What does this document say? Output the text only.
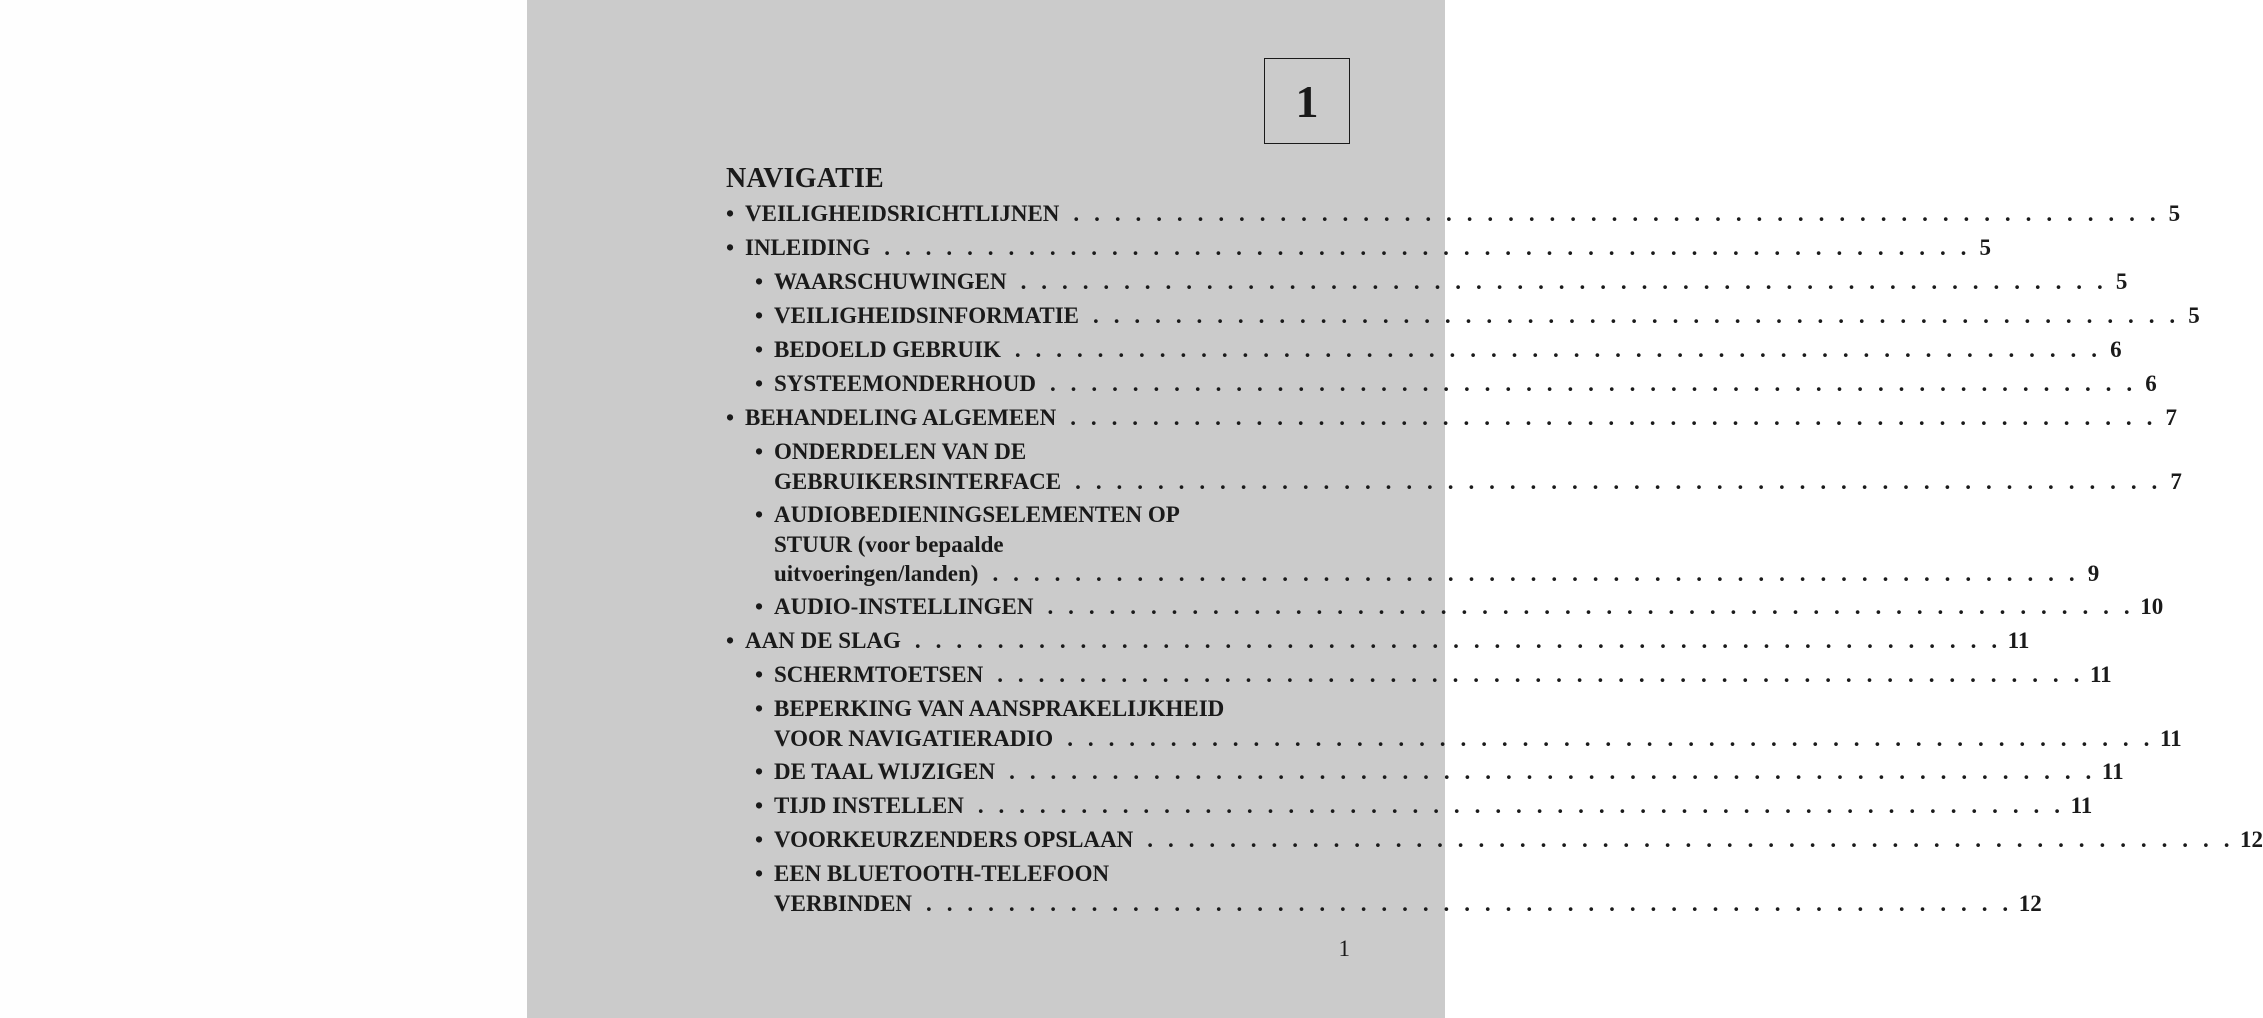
1
NAVIGATIE
• VEILIGHEIDSRICHTLIJNEN . . . . . . . . . . . . . . . . . . . . . . . . . . . . . . . . . . . . . . . . . . . . . . . . . . . . . 5
• INLEIDING . . . . . . . . . . . . . . . . . . . . . . . . . . . . . . . . . . . . . . . . . . . . . . . . . . . . . 5
• WAARSCHUWINGEN . . . . . . . . . . . . . . . . . . . . . . . . . . . . . . . . . . . . . . . . . . . . . . . . . . . . . 5
• VEILIGHEIDSINFORMATIE . . . . . . . . . . . . . . . . . . . . . . . . . . . . . . . . . . . . . . . . . . . . . . . . . . . . . 5
• BEDOELD GEBRUIK . . . . . . . . . . . . . . . . . . . . . . . . . . . . . . . . . . . . . . . . . . . . . . . . . . . . . 6
• SYSTEEMONDERHOUD . . . . . . . . . . . . . . . . . . . . . . . . . . . . . . . . . . . . . . . . . . . . . . . . . . . . . 6
• BEHANDELING ALGEMEEN . . . . . . . . . . . . . . . . . . . . . . . . . . . . . . . . . . . . . . . . . . . . . . . . . . . . . 7
• ONDERDELEN VAN DE
GEBRUIKERSINTERFACE . . . . . . . . . . . . . . . . . . . . . . . . . . . . . . . . . . . . . . . . . . . . . . . . . . . . . 7
• AUDIOBEDIENINGSELEMENTEN OP
STUUR (voor bepaalde
uitvoeringen/landen) . . . . . . . . . . . . . . . . . . . . . . . . . . . . . . . . . . . . . . . . . . . . . . . . . . . . . 9
• AUDIO-INSTELLINGEN . . . . . . . . . . . . . . . . . . . . . . . . . . . . . . . . . . . . . . . . . . . . . . . . . . . . . 10
• AAN DE SLAG . . . . . . . . . . . . . . . . . . . . . . . . . . . . . . . . . . . . . . . . . . . . . . . . . . . . . 11
• SCHERMTOETSEN . . . . . . . . . . . . . . . . . . . . . . . . . . . . . . . . . . . . . . . . . . . . . . . . . . . . . 11
• BEPERKING VAN AANSPRAKELIJKHEID
VOOR NAVIGATIERADIO . . . . . . . . . . . . . . . . . . . . . . . . . . . . . . . . . . . . . . . . . . . . . . . . . . . . . 11
• DE TAAL WIJZIGEN . . . . . . . . . . . . . . . . . . . . . . . . . . . . . . . . . . . . . . . . . . . . . . . . . . . . . 11
• TIJD INSTELLEN . . . . . . . . . . . . . . . . . . . . . . . . . . . . . . . . . . . . . . . . . . . . . . . . . . . . . 11
• VOORKEURZENDERS OPSLAAN . . . . . . . . . . . . . . . . . . . . . . . . . . . . . . . . . . . . . . . . . . . . . . . . . . . . . 12
• EEN BLUETOOTH-TELEFOON
VERBINDEN . . . . . . . . . . . . . . . . . . . . . . . . . . . . . . . . . . . . . . . . . . . . . . . . . . . . . 12
1
